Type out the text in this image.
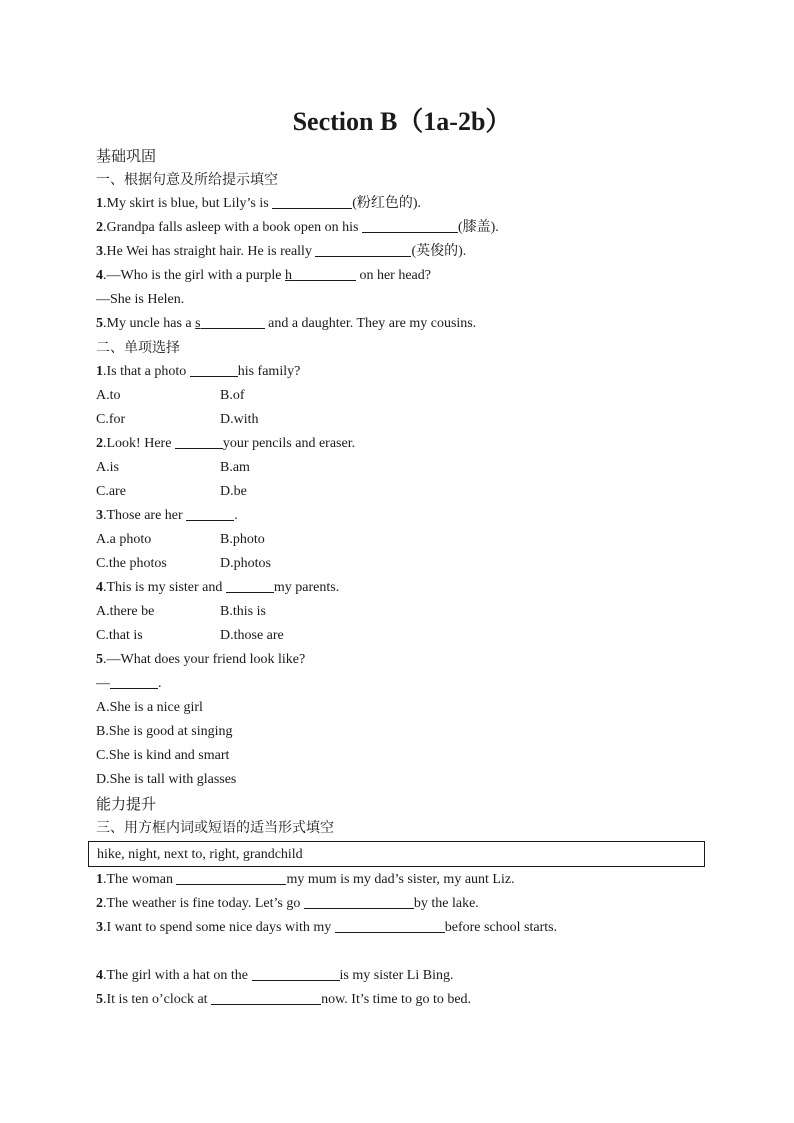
Section B（1a-2b）
基础巩固
一、根据句意及所给提示填空
1.My skirt is blue, but Lily’s is	(粉红色的).
2.Grandpa falls asleep with a book open on his	(膝盖).
3.He Wei has straight hair. He is really	(英俊的).
4.—Who is the girl with a purple h	on her head?
—She is Helen.
5.My uncle has a s	and a daughter. They are my cousins.
二、单项选择
1.Is that a photo	his family?
A.to	B.of
C.for	D.with
2.Look! Here	your pencils and eraser.
A.is	B.am
C.are	D.be
3.Those are her	.
A.a photo	B.photo
C.the photos	D.photos
4.This is my sister and	my parents.
A.there be	B.this is
C.that is	D.those are
5.—What does your friend look like?
—	.
A.She is a nice girl
B.She is good at singing
C.She is kind and smart
D.She is tall with glasses
能力提升
三、用方框内词或短语的适当形式填空
hike, night, next to, right, grandchild
1.The woman	my mum is my dad’s sister, my aunt Liz.
2.The weather is fine today. Let’s go	by the lake.
3.I want to spend some nice days with my	before school starts.
4.The girl with a hat on the	is my sister Li Bing.
5.It is ten o’clock at	now. It’s time to go to bed.
